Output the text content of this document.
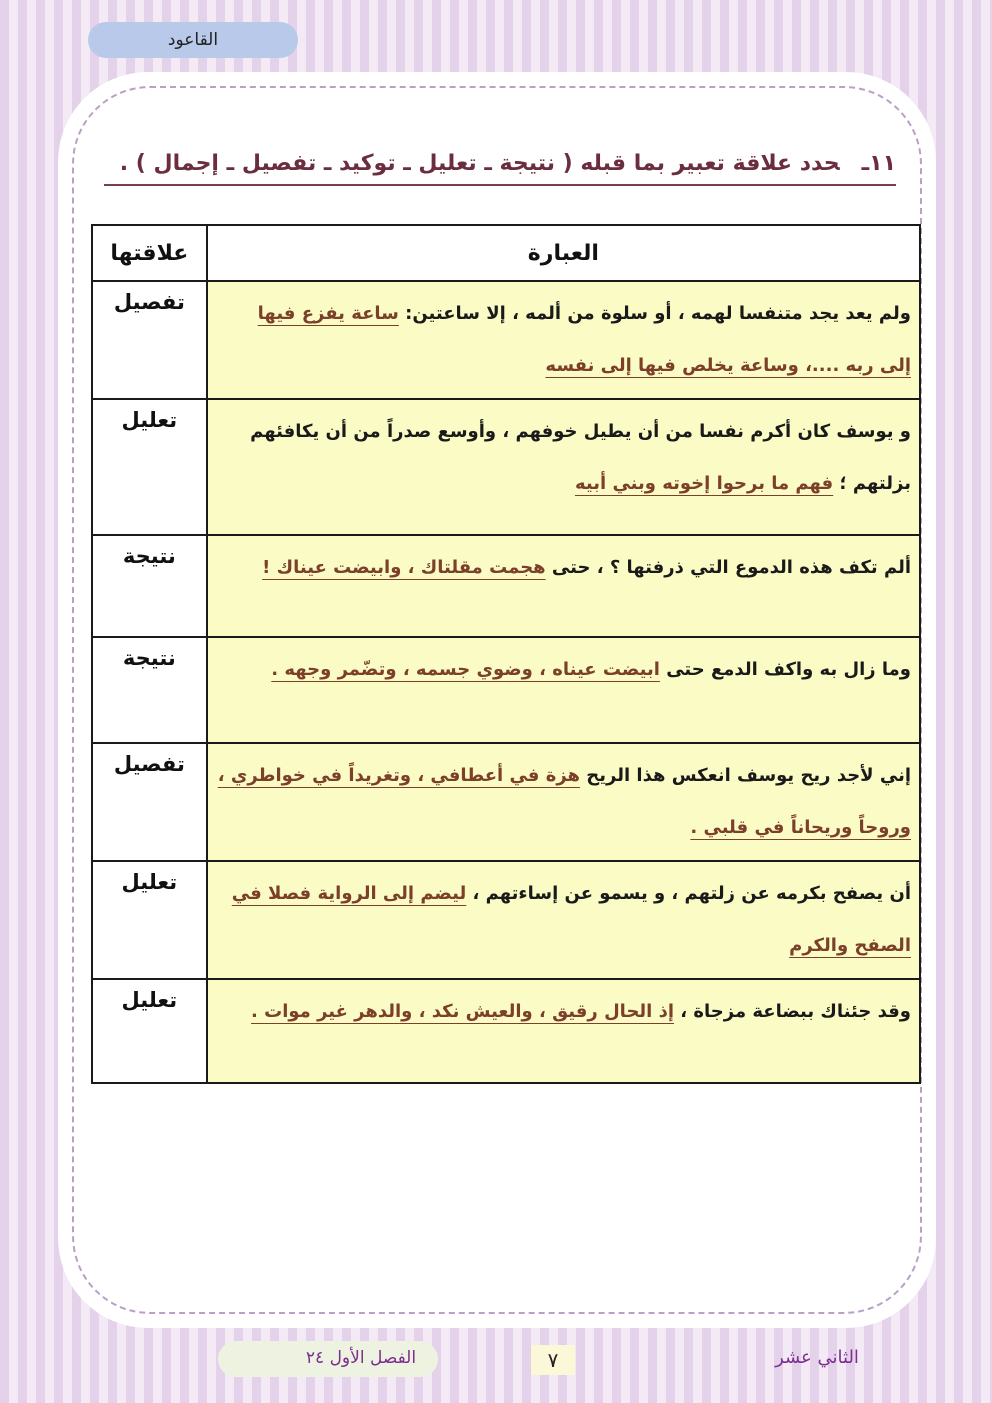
القاعود
١١ـحدد علاقة تعبير بما قبله ( نتيجة ـ تعليل ـ توكيد ـ تفصيل ـ إجمال ) .
العبارة	علاقتها

ولم يعد يجد متنفسا لهمه ، أو سلوة من ألمه ، إلا ساعتين: ساعة يفزع فيها
إلى ربه ....، وساعة يخلص فيها إلى نفسه	تفصيل

و يوسف كان أكرم نفسا من أن يطيل خوفهم ، وأوسع صدراً من أن يكافئهم
بزلتهم ؛ فهم ما برحوا إخوته وبني أبيه	تعليل

ألم تكف هذه الدموع التي ذرفتها ؟ ، حتى هجمت مقلتاك ، وابيضت عيناك !	نتيجة

وما زال به واكف الدمع حتى ابيضت عيناه ، وضوي جسمه ، وتضّمر وجهه .	نتيجة

إني لأجد ريح يوسف انعكس هذا الريح هزة في أعطافي ، وتغريداً في خواطري ،
وروحاً وريحاناً في قلبي .	تفصيل

أن يصفح بكرمه عن زلتهم ، و يسمو عن إساءتهم ، ليضم إلى الرواية فصلا في
الصفح والكرم	تعليل

وقد جئناك ببضاعة مزجاة ، إذ الحال رقيق ، والعيش نكد ، والدهر غير موات .	تعليل
الفصل الأول ٢٤	٧	الثاني عشر
